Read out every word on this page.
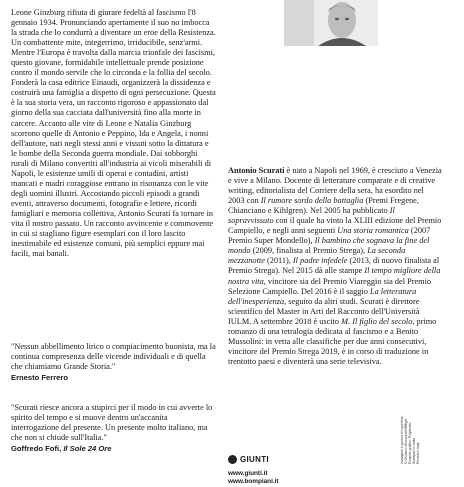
Leone Ginzburg rifiuta di giurare fedeltà al fascismo l'8 gennaio 1934. Pronunciando apertamente il suo no imbocca la strada che lo condurrà a diventare un eroe della Resistenza. Un combattente mite, integerrimo, irriducibile, senz'armi. Mentre l'Europa è travolta dalla marcia trionfale dei fascismi, questo giovane, formidabile intellettuale prende posizione contro il mondo servile che lo circonda e la follia del secolo. Fonderà la casa editrice Einaudi, organizzerà la dissidenza e costruirà una famiglia a dispetto di ogni persecuzione. Questa è la sua storia vera, un racconto rigoroso e appassionato dal giorno della sua cacciata dall'università fino alla morte in carcere. Accanto alle vite di Leone e Natalia Ginzburg scorrono quelle di Antonio e Peppino, Ida e Angela, i nonni dell'autore, nati negli stessi anni e vissuti sotto la dittatura e le bombe della Seconda guerra mondiale. Dai sobborghi rurali di Milano convertiti all'industria ai vicoli miserabili di Napoli, le esistenze umili di operai e contadini, artisti mancati e madri coraggiose entrano in risonanza con le vite degli uomini illustri. Accostando piccoli episodi a grandi eventi, attraverso documenti, fotografie e lettere, ricordi famigliari e memoria collettiva, Antonio Scurati fa tornare in vita il nostro passato. Un racconto avvincente e commovente in cui si stagliano figure esemplari con il loro lascito inestimabile ed esistenze comuni, più semplici eppure mai facili, mai banali.

"Nessun abbellimento lirico o compiacimento buonista, ma la continua compresenza delle vicende individuali e di quella che chiamiamo Grande Storia."

Ernesto Ferrero

"Scurati riesce ancora a stupirci per il modo in cui avverte lo spirito del tempo e si muove dentro un'accanita interrogazione del presente. Un presente molto italiano, ma che non si chiude sull'Italia."

Goffredo Fofi, Il Sole 24 Ore

Antonio Scurati è nato a Napoli nel 1969, è cresciuto a Venezia e vive a Milano. Docente di letterature comparate e di creative writing, editorialista del Corriere della sera, ha esordito nel 2003 con Il rumore sordo della battaglia (Premi Fregene, Chianciano e Kihlgren). Nel 2005 ha pubblicato Il sopravvissuto con il quale ha vinto la XLIII edizione del Premio Campiello, e negli anni seguenti Una storia romantica (2007 Premio Super Mondello), Il bambino che sognava la fine del mondo (2009, finalista al Premio Strega), La seconda mezzanotte (2011), Il padre infedele (2013, di nuovo finalista al Premio Strega). Nel 2015 dà alle stampe Il tempo migliore della nostra vita, vincitore sia del Premio Viareggio sia del Premio Selezione Campiello. Del 2016 è il saggio La letteratura dell'inesperienza, seguito da altri studi. Scurati è direttore scientifico del Master in Arti del Racconto dell'Università IULM. A settembre 2018 è uscito M. Il figlio del secolo, primo romanzo di una tetralogia dedicata al fascismo e a Benito Mussolini: in vetta alle classifiche per due anni consecutivi, vincitore del Premio Strega 2019, è in corso di traduzione in trentotto paesi e diventerà una serie televisiva.

GIUNTI
www.giunti.it
www.bompiani.it
Immagine in quarta di copertina © Giovanni Giovannetti/Effigie Progetto grafico: Polystudio Stampato in Italia Printed in Italy
